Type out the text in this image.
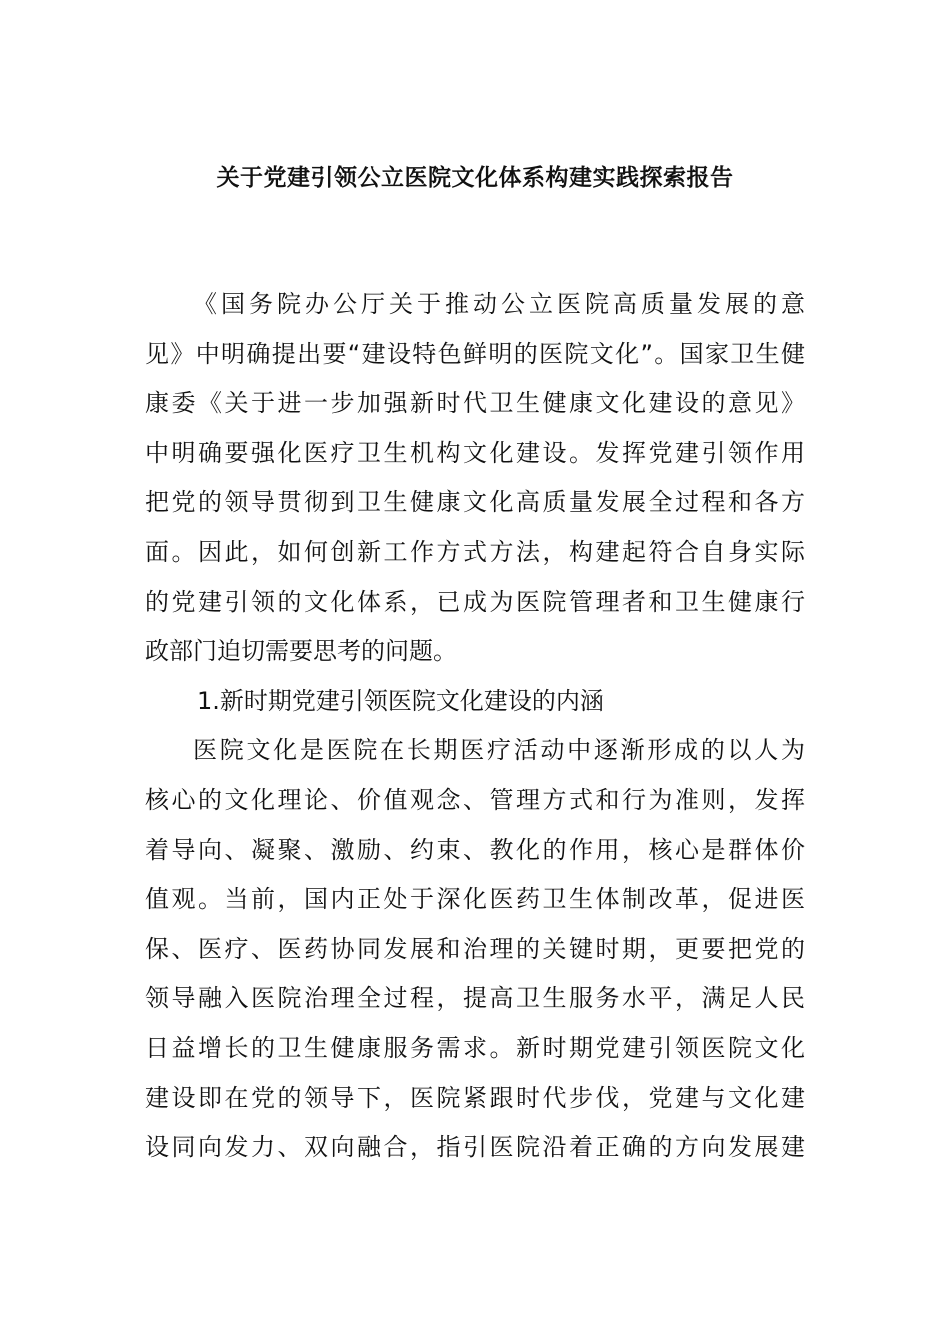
关于党建引领公立医院文化体系构建实践探索报告
《国务院办公厅关于推动公立医院高质量发展的意
见》中明确提出要“建设特色鲜明的医院文化”。国家卫生健
康委《关于进一步加强新时代卫生健康文化建设的意见》
中明确要强化医疗卫生机构文化建设。发挥党建引领作用
把党的领导贯彻到卫生健康文化高质量发展全过程和各方
面。因此，如何创新工作方式方法，构建起符合自身实际
的党建引领的文化体系，已成为医院管理者和卫生健康行
政部门迫切需要思考的问题。
1.新时期党建引领医院文化建设的内涵
医院文化是医院在长期医疗活动中逐渐形成的以人为
核心的文化理论、价值观念、管理方式和行为准则，发挥
着导向、凝聚、激励、约束、教化的作用，核心是群体价
值观。当前，国内正处于深化医药卫生体制改革，促进医
保、医疗、医药协同发展和治理的关键时期，更要把党的
领导融入医院治理全过程，提高卫生服务水平，满足人民
日益增长的卫生健康服务需求。新时期党建引领医院文化
建设即在党的领导下，医院紧跟时代步伐，党建与文化建
设同向发力、双向融合，指引医院沿着正确的方向发展建
